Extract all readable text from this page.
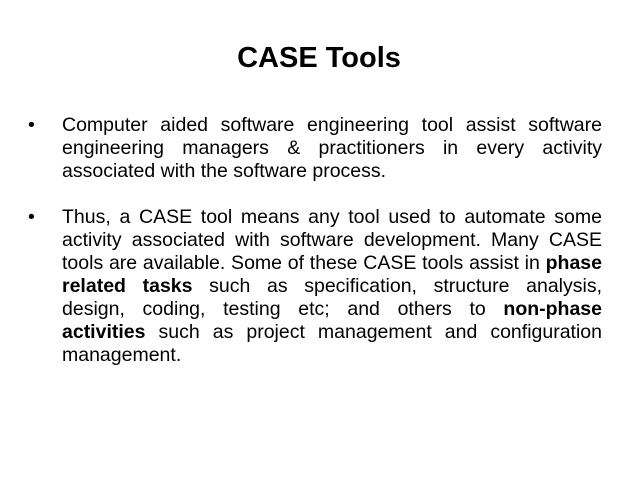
CASE Tools
•	Computer aided software engineering tool assist software engineering managers & practitioners in every activity associated with the software process.
•	Thus, a CASE tool means any tool used to automate some activity associated with software development. Many CASE tools are available. Some of these CASE tools assist in phase related tasks such as specification, structure analysis, design, coding, testing etc; and others to non-phase activities such as project management and configuration management.
